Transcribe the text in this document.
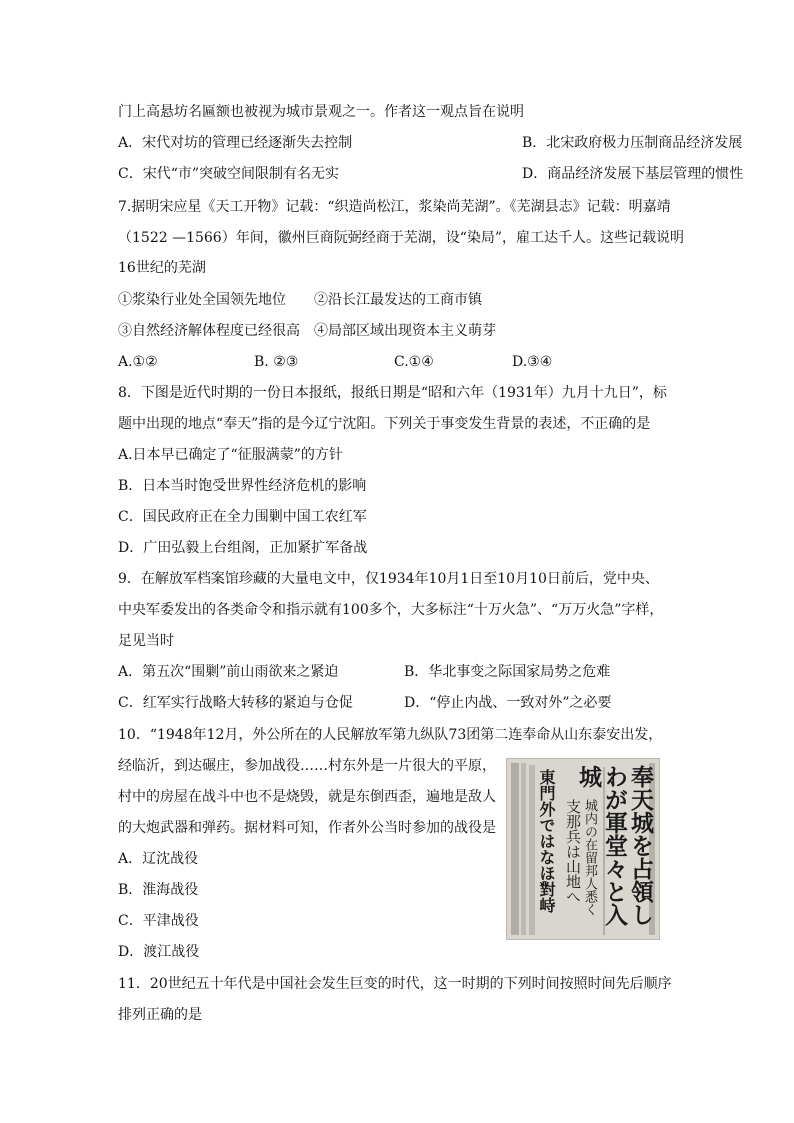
门上高悬坊名匾额也被视为城市景观之一。作者这一观点旨在说明
A．宋代对坊的管理已经逐渐失去控制	B．北宋政府极力压制商品经济发展
C．宋代“市”突破空间限制有名无实	D．商品经济发展下基层管理的惯性
7.据明宋应星《天工开物》记载：“织造尚松江，浆染尚芜湖”。《芜湖县志》记载：明嘉靖
（1522 —1566）年间，徽州巨商阮弼经商于芜湖，设“染局”，雇工达千人。这些记载说明
16世纪的芜湖
①浆染行业处全国领先地位　　②沿长江最发达的工商市镇
③自然经济解体程度已经很高　④局部区域出现资本主义萌芽
A.①②	B. ②③	C.①④	D.③④
8．下图是近代时期的一份日本报纸，报纸日期是“昭和六年（1931年）九月十九日”，标
题中出现的地点“奉天”指的是今辽宁沈阳。下列关于事变发生背景的表述，不正确的是
A.日本早已确定了“征服满蒙”的方针
B．日本当时饱受世界性经济危机的影响
C．国民政府正在全力围剿中国工农红军
D．广田弘毅上台组阁，正加紧扩军备战
9．在解放军档案馆珍藏的大量电文中，仅1934年10月1日至10月10日前后，党中央、
中央军委发出的各类命令和指示就有100多个，大多标注“十万火急”、“万万火急”字样，
足见当时
A．第五次“围剿”前山雨欲来之紧迫	B．华北事变之际国家局势之危难
C．红军实行战略大转移的紧迫与仓促	D．“停止内战、一致对外”之必要
10．“1948年12月，外公所在的人民解放军第九纵队73团第二连奉命从山东泰安出发，
经临沂，到达碾庄，参加战役……村东外是一片很大的平原，
村中的房屋在战斗中也不是烧毁，就是东倒西歪，遍地是敌人
的大炮武器和弹药。据材料可知，作者外公当时参加的战役是
A．辽沈战役
B．淮海战役
C．平津战役
D．渡江战役
11．20世纪五十年代是中国社会发生巨变的时代，这一时期的下列时间按照时间先后顺序
排列正确的是
奉天城を占領し
わが軍堂々と入城
城内の在留邦人悉く
支那兵は山地へ
東門外ではなほ對峙
